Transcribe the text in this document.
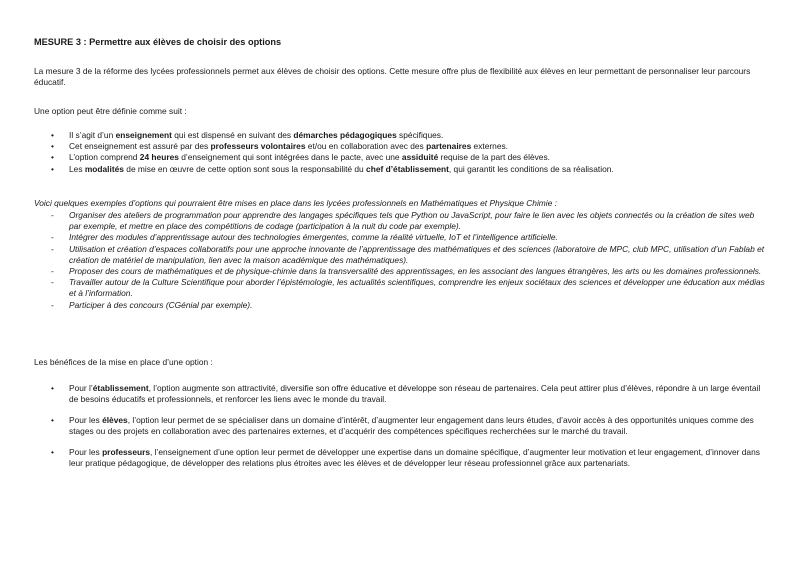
MESURE 3 : Permettre aux élèves de choisir des options
La mesure 3 de la réforme des lycées professionnels permet aux élèves de choisir des options. Cette mesure offre plus de flexibilité aux élèves en leur permettant de personnaliser leur parcours éducatif.
Une option peut être définie comme suit :
• Il s’agit d’un enseignement qui est dispensé en suivant des démarches pédagogiques spécifiques.
• Cet enseignement est assuré par des professeurs volontaires et/ou en collaboration avec des partenaires externes.
• L’option comprend 24 heures d’enseignement qui sont intégrées dans le pacte, avec une assiduité requise de la part des élèves.
• Les modalités de mise en œuvre de cette option sont sous la responsabilité du chef d’établissement, qui garantit les conditions de sa réalisation.
Voici quelques exemples d’options qui pourraient être mises en place dans les lycées professionnels en Mathématiques et Physique Chimie :
- Organiser des ateliers de programmation pour apprendre des langages spécifiques tels que Python ou JavaScript, pour faire le lien avec les objets connectés ou la création de sites web par exemple, et mettre en place des compétitions de codage (participation à la nuit du code par exemple).
- Intégrer des modules d’apprentissage autour des technologies émergentes, comme la réalité virtuelle, IoT et l’intelligence artificielle.
- Utilisation et création d’espaces collaboratifs pour une approche innovante de l’apprentissage des mathématiques et des sciences (laboratoire de MPC, club MPC, utilisation d’un Fablab et création de matériel de manipulation, lien avec la maison académique des mathématiques).
- Proposer des cours de mathématiques et de physique-chimie dans la transversalité des apprentissages, en les associant des langues étrangères, les arts ou les domaines professionnels.
- Travailler autour de la Culture Scientifique pour aborder l’épistémologie, les actualités scientifiques, comprendre les enjeux sociétaux des sciences et développer une éducation aux médias et à l’information.
- Participer à des concours (CGénial par exemple).
Les bénéfices de la mise en place d’une option :
• Pour l’établissement, l’option augmente son attractivité, diversifie son offre éducative et développe son réseau de partenaires. Cela peut attirer plus d’élèves, répondre à un large éventail de besoins éducatifs et professionnels, et renforcer les liens avec le monde du travail.
• Pour les élèves, l’option leur permet de se spécialiser dans un domaine d’intérêt, d’augmenter leur engagement dans leurs études, d’avoir accès à des opportunités uniques comme des stages ou des projets en collaboration avec des partenaires externes, et d’acquérir des compétences spécifiques recherchées sur le marché du travail.
• Pour les professeurs, l’enseignement d’une option leur permet de développer une expertise dans un domaine spécifique, d’augmenter leur motivation et leur engagement, d’innover dans leur pratique pédagogique, de développer des relations plus étroites avec les élèves et de développer leur réseau professionnel grâce aux partenariats.
